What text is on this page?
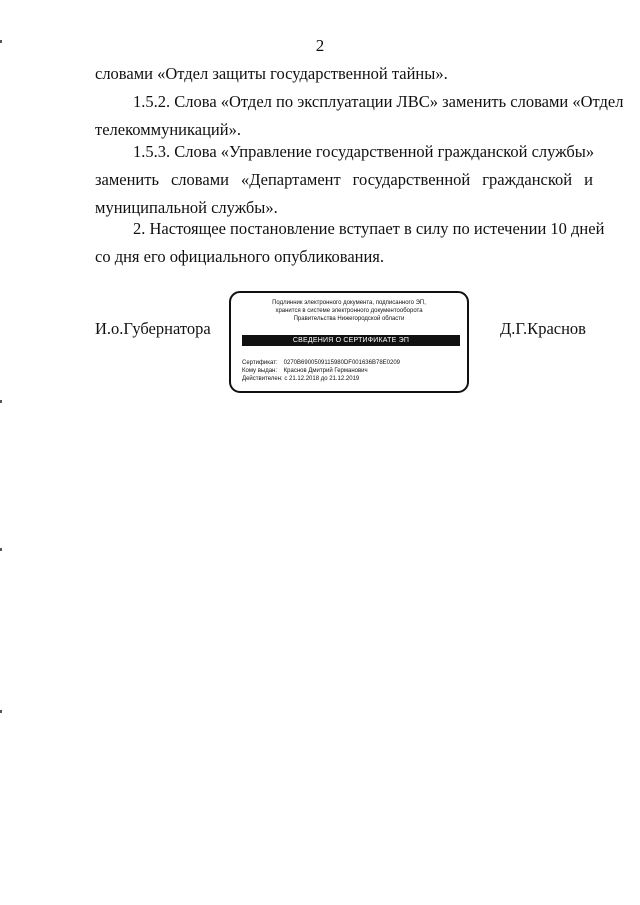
2

словами «Отдел защиты государственной тайны».

1.5.2. Слова «Отдел по эксплуатации ЛВС» заменить словами «Отдел
телекоммуникаций».

1.5.3. Слова «Управление государственной гражданской службы»
заменить словами «Департамент государственной гражданской и
муниципальной службы».

2. Настоящее постановление вступает в силу по истечении 10 дней
со дня его официального опубликования.

И.о.Губернатора	Д.Г.Краснов
Подлинник электронного документа, подписанного ЭП,
хранится в системе электронного документооборота
Правительства Нижегородской области
СВЕДЕНИЯ О СЕРТИФИКАТЕ ЭП
Сертификат: 0270B6900509115980DF001636B78E0209
Кому выдан: Краснов Дмитрий Германович
Действителен: с 21.12.2018 до 21.12.2019
